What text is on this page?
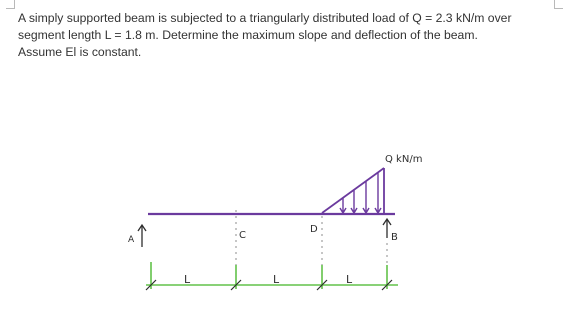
A simply supported beam is subjected to a triangularly distributed load of Q = 2.3 kN/m over
segment length L = 1.8 m. Determine the maximum slope and deflection of the beam.
Assume El is constant.

Q kN/m
A	B
C
D
L	L	L
